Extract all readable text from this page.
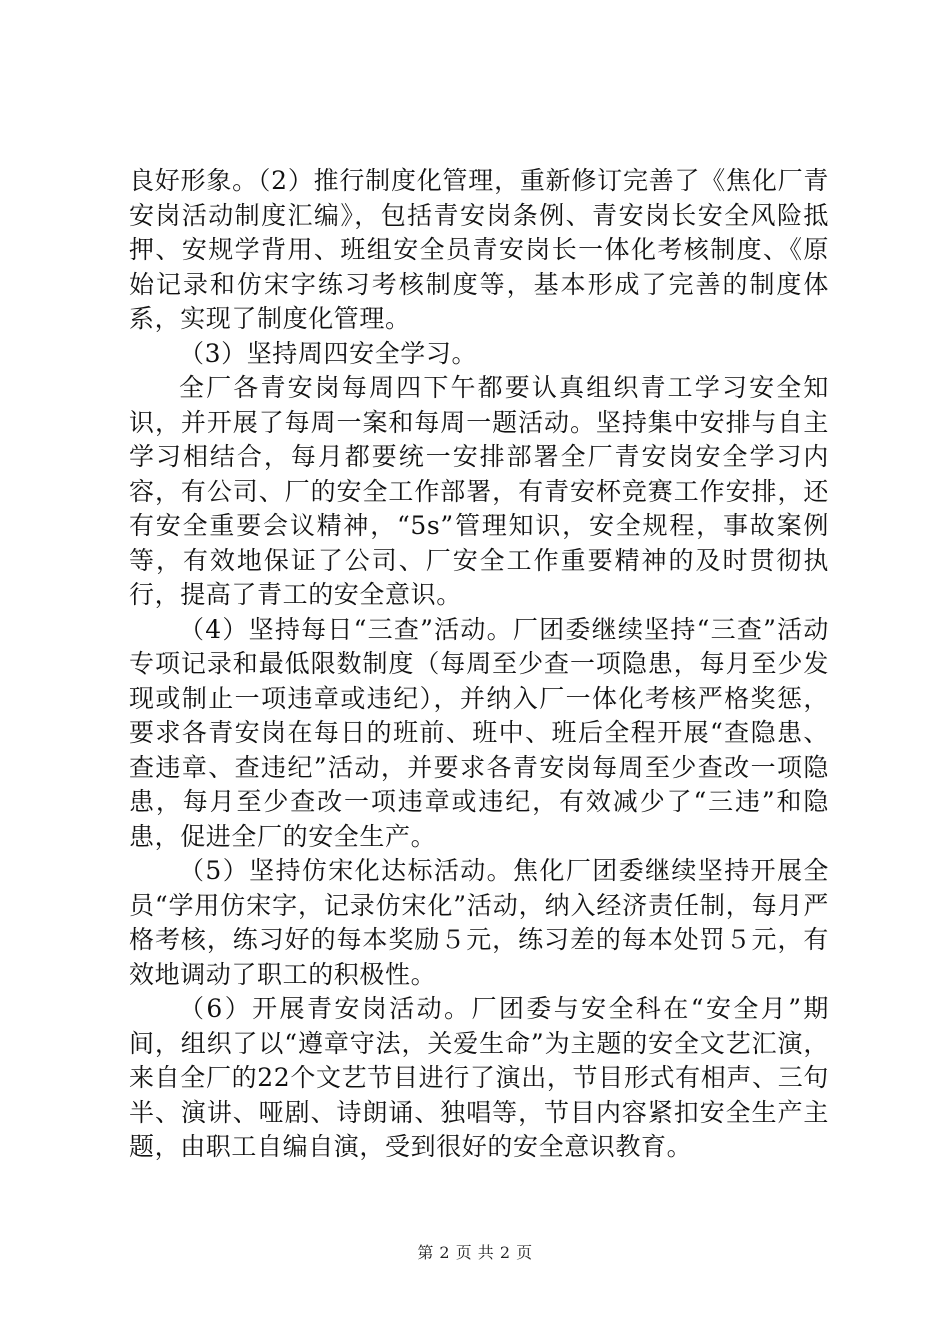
良好形象。（2）推行制度化管理，重新修订完善了《焦化厂青安岗活动制度汇编》，包括青安岗条例、青安岗长安全风险抵押、安规学背用、班组安全员青安岗长一体化考核制度、《原始记录和仿宋字练习考核制度等，基本形成了完善的制度体系，实现了制度化管理。

（3）坚持周四安全学习。

全厂各青安岗每周四下午都要认真组织青工学习安全知识，并开展了每周一案和每周一题活动。坚持集中安排与自主学习相结合，每月都要统一安排部署全厂青安岗安全学习内容，有公司、厂的安全工作部署，有青安杯竞赛工作安排，还有安全重要会议精神，“5s”管理知识，安全规程，事故案例等，有效地保证了公司、厂安全工作重要精神的及时贯彻执行，提高了青工的安全意识。

（4）坚持每日“三查”活动。厂团委继续坚持“三查”活动专项记录和最低限数制度（每周至少查一项隐患，每月至少发现或制止一项违章或违纪），并纳入厂一体化考核严格奖惩，要求各青安岗在每日的班前、班中、班后全程开展“查隐患、查违章、查违纪”活动，并要求各青安岗每周至少查改一项隐患，每月至少查改一项违章或违纪，有效减少了“三违”和隐患，促进全厂的安全生产。

（5）坚持仿宋化达标活动。焦化厂团委继续坚持开展全员“学用仿宋字，记录仿宋化”活动，纳入经济责任制，每月严格考核，练习好的每本奖励５元，练习差的每本处罚５元，有效地调动了职工的积极性。

（6）开展青安岗活动。厂团委与安全科在“安全月”期间，组织了以“遵章守法，关爱生命”为主题的安全文艺汇演，来自全厂的22个文艺节目进行了演出，节目形式有相声、三句半、演讲、哑剧、诗朗诵、独唱等，节目内容紧扣安全生产主题，由职工自编自演，受到很好的安全意识教育。

第 2 页 共 2 页
